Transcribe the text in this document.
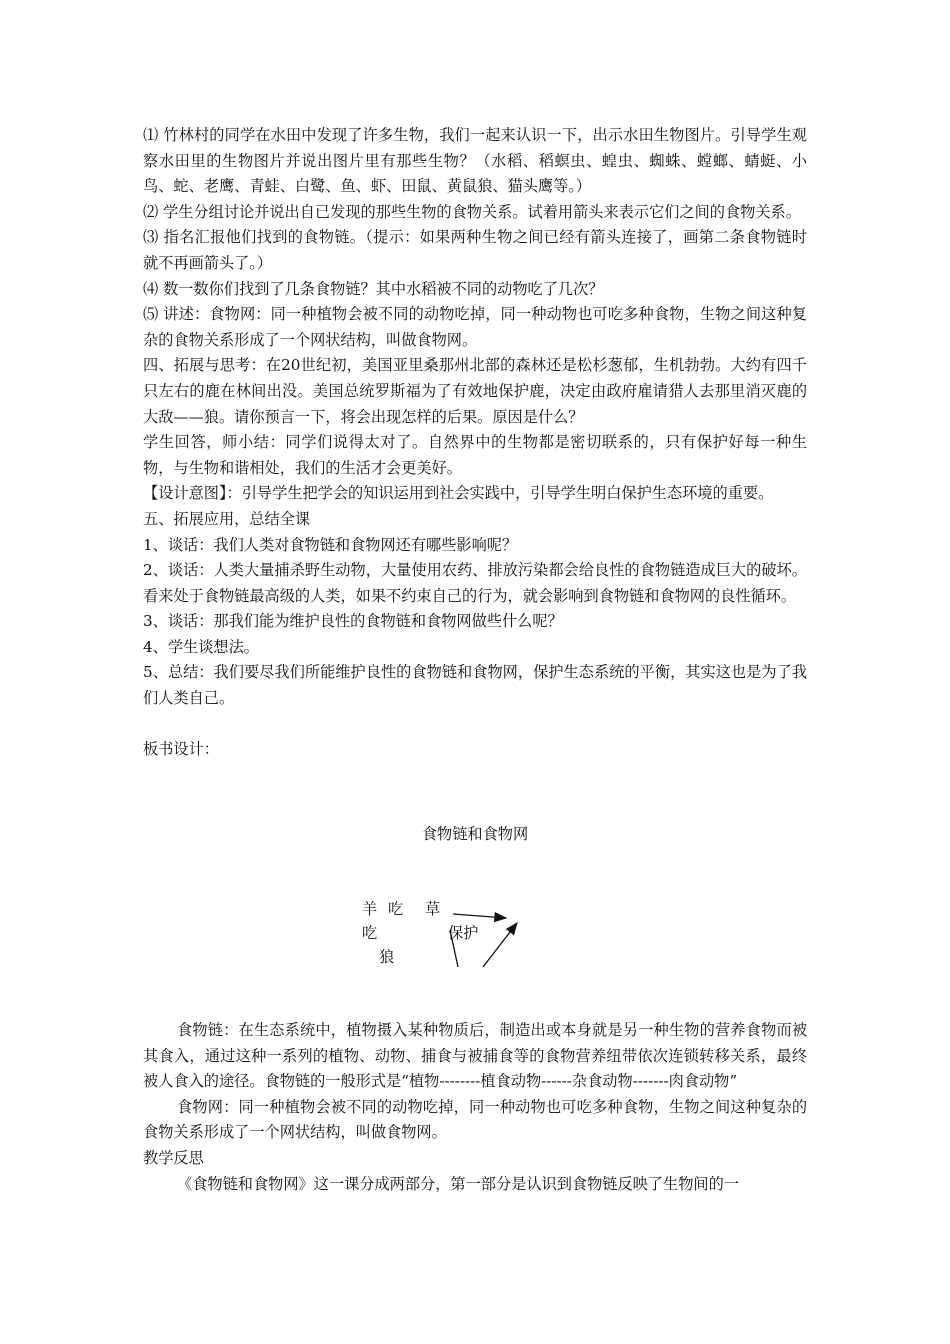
⑴ 竹林村的同学在水田中发现了许多生物，我们一起来认识一下，出示水田生物图片。引导学生观察水田里的生物图片并说出图片里有那些生物？（水稻、稻螟虫、蝗虫、蜘蛛、螳螂、蜻蜓、小鸟、蛇、老鹰、青蛙、白鹭、鱼、虾、田鼠、黄鼠狼、猫头鹰等。）

⑵ 学生分组讨论并说出自已发现的那些生物的食物关系。试着用箭头来表示它们之间的食物关系。

⑶ 指名汇报他们找到的食物链。（提示：如果两种生物之间已经有箭头连接了，画第二条食物链时就不再画箭头了。）

⑷ 数一数你们找到了几条食物链？其中水稻被不同的动物吃了几次？

⑸ 讲述：食物网：同一种植物会被不同的动物吃掉，同一种动物也可吃多种食物，生物之间这种复杂的食物关系形成了一个网状结构，叫做食物网。

四、拓展与思考：在20世纪初，美国亚里桑那州北部的森林还是松杉葱郁，生机勃勃。大约有四千只左右的鹿在林间出没。美国总统罗斯福为了有效地保护鹿，决定由政府雇请猎人去那里消灭鹿的大敌——狼。请你预言一下，将会出现怎样的后果。原因是什么？

学生回答，师小结：同学们说得太对了。自然界中的生物都是密切联系的，只有保护好每一种生物，与生物和谐相处，我们的生活才会更美好。

【设计意图】：引导学生把学会的知识运用到社会实践中，引导学生明白保护生态环境的重要。

五、拓展应用，总结全课

1、谈话：我们人类对食物链和食物网还有哪些影响呢？

2、谈话：人类大量捕杀野生动物，大量使用农药、排放污染都会给良性的食物链造成巨大的破坏。看来处于食物链最高级的人类，如果不约束自己的行为，就会影响到食物链和食物网的良性循环。

3、谈话：那我们能为维护良性的食物链和食物网做些什么呢？

4、学生谈想法。

5、总结：我们要尽我们所能维护良性的食物链和食物网，保护生态系统的平衡，其实这也是为了我们人类自己。

板书设计：

食物链和食物网
羊 吃 草
吃	保护
狼

食物链：在生态系统中，植物摄入某种物质后，制造出或本身就是另一种生物的营养食物而被其食入，通过这种一系列的植物、动物、捕食与被捕食等的食物营养纽带依次连锁转移关系，最终被人食入的途径。食物链的一般形式是“植物--------植食动物------杂食动物-------肉食动物”

食物网：同一种植物会被不同的动物吃掉，同一种动物也可吃多种食物，生物之间这种复杂的食物关系形成了一个网状结构，叫做食物网。

教学反思

《食物链和食物网》这一课分成两部分，第一部分是认识到食物链反映了生物间的一
